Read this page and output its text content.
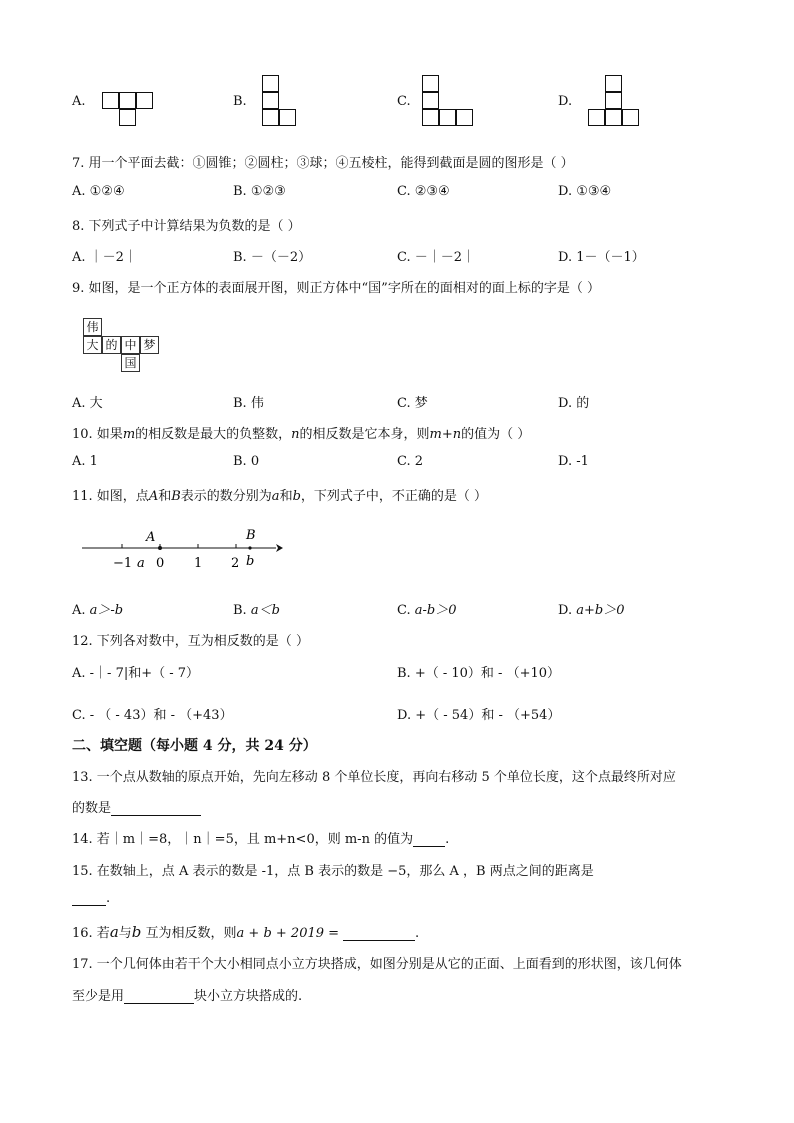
A.	B.	C.	D.
7. 用一个平面去截：①圆锥；②圆柱；③球；④五棱柱，能得到截面是圆的图形是（ ）
A. ①②④	B. ①②③	C. ②③④	D. ①③④
8. 下列式子中计算结果为负数的是（ ）
A. ｜－2｜	B. －（－2）	C. －｜－2｜	D. 1－（－1）
9. 如图，是一个正方体的表面展开图，则正方体中“国”字所在的面相对的面上标的字是（ ）
伟
大 的 中 梦
国
A. 大	B. 伟	C. 梦	D. 的
10. 如果m的相反数是最大的负整数，n的相反数是它本身，则m+n的值为（ ）
A. 1	B. 0	C. 2	D. -1
11. 如图，点A和B表示的数分别为a和b，下列式子中，不正确的是（ ）
A	B
−1 a 0 1 2 b
A. a＞-b	B. a＜b	C. a-b＞0	D. a+b＞0
12. 下列各对数中，互为相反数的是（ ）
A. -｜- 7|和+（ - 7）	B. +（ - 10）和 - （+10）
C. - （ - 43）和 - （+43）	D. +（ - 54）和 - （+54）
二、填空题（每小题 4 分，共 24 分）
13. 一个点从数轴的原点开始，先向左移动 8 个单位长度，再向右移动 5 个单位长度，这个点最终所对应
的数是
14. 若｜m｜=8，｜n｜=5，且 m+n<0，则 m-n 的值为 .
15. 在数轴上，点 A 表示的数是 -1，点 B 表示的数是 −5，那么 A ，B 两点之间的距离是
.
16. 若a与b 互为相反数，则a + b + 2019 =	.
17. 一个几何体由若干个大小相同点小立方块搭成，如图分别是从它的正面、上面看到的形状图，该几何体
至少是用	块小立方块搭成的.
